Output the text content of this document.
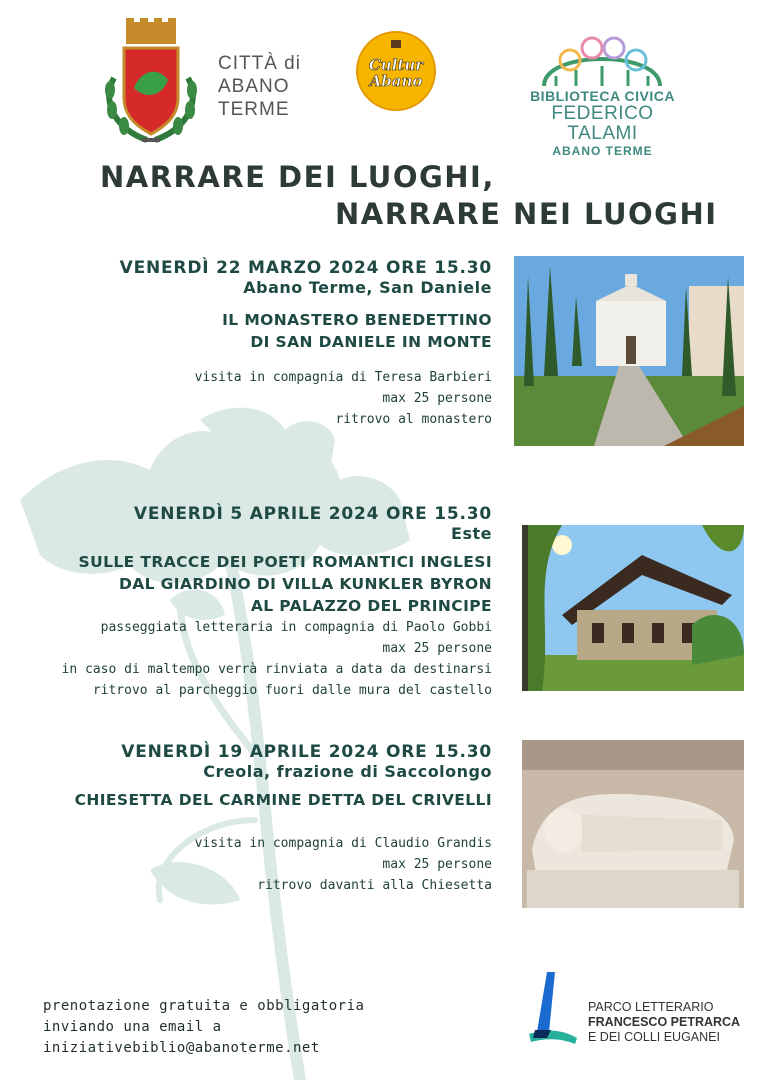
CITTÀ di
ABANO
TERME
Cultur
Abano
BIBLIOTECA CIVICA
FEDERICO TALAMI
ABANO TERME
NARRARE DEI LUOGHI,
NARRARE NEI LUOGHI
VENERDÌ 22 MARZO 2024 ORE 15.30
Abano Terme, San Daniele
IL MONASTERO BENEDETTINO
DI SAN DANIELE IN MONTE
visita in compagnia di Teresa Barbieri
max 25 persone
ritrovo al monastero
VENERDÌ 5 APRILE 2024 ORE 15.30
Este
SULLE TRACCE DEI POETI ROMANTICI INGLESI
DAL GIARDINO DI VILLA KUNKLER BYRON
AL PALAZZO DEL PRINCIPE
passeggiata letteraria in compagnia di Paolo Gobbi
max 25 persone
in caso di maltempo verrà rinviata a data da destinarsi
ritrovo al parcheggio fuori dalle mura del castello
VENERDÌ 19 APRILE 2024 ORE 15.30
Creola, frazione di Saccolongo
CHIESETTA DEL CARMINE DETTA DEL CRIVELLI
visita in compagnia di Claudio Grandis
max 25 persone
ritrovo davanti alla Chiesetta
prenotazione gratuita e obbligatoria
inviando una email a
iniziativebiblio@abanoterme.net
PARCO LETTERARIO
FRANCESCO PETRARCA
E DEI COLLI EUGANEI
